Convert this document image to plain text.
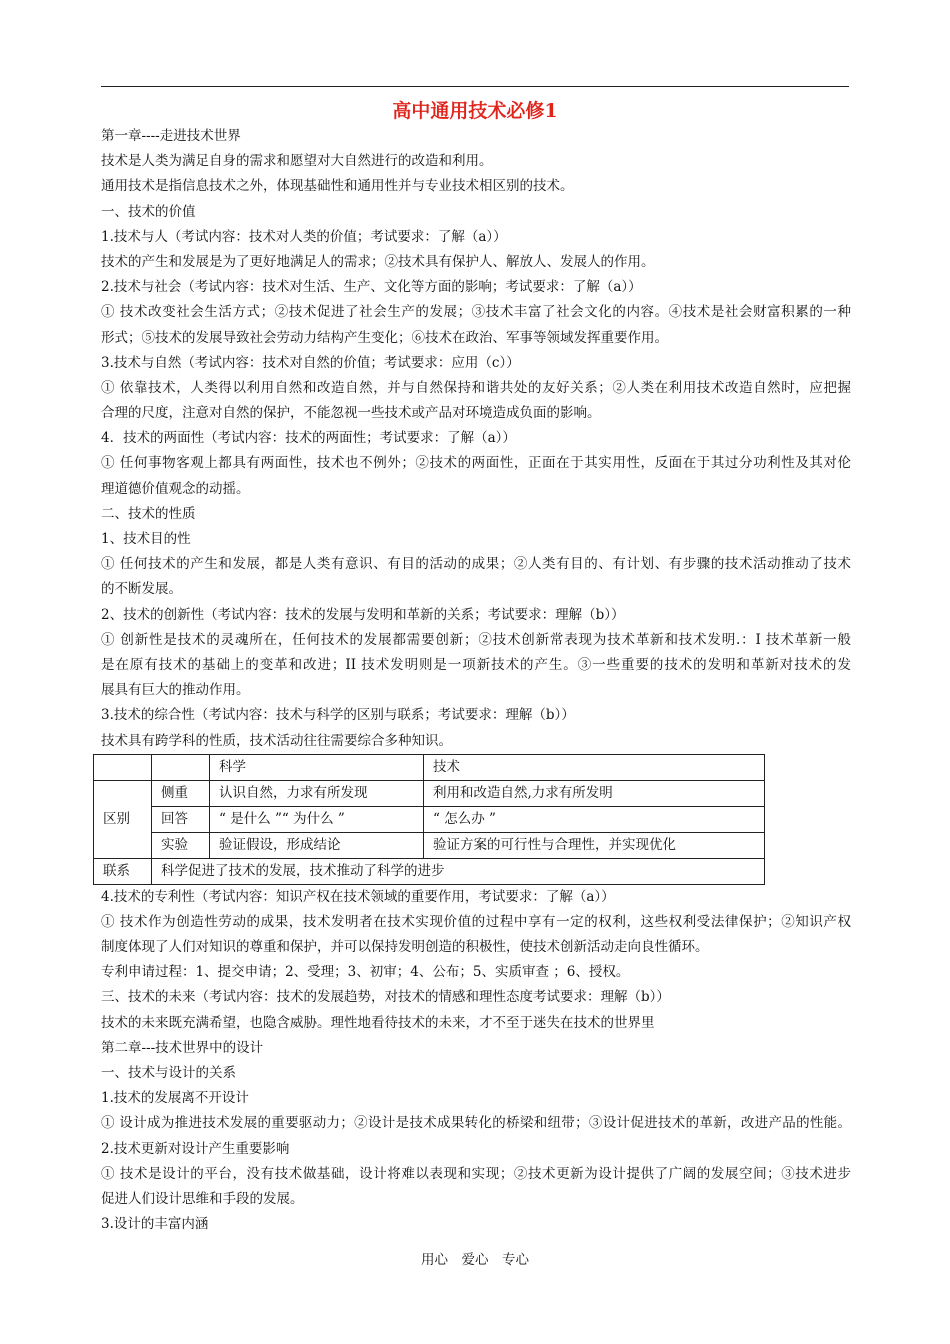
高中通用技术必修1
第一章----走进技术世界
技术是人类为满足自身的需求和愿望对大自然进行的改造和利用。
通用技术是指信息技术之外，体现基础性和通用性并与专业技术相区别的技术。
一、技术的价值
1.技术与人（考试内容：技术对人类的价值；考试要求：了解（a））
技术的产生和发展是为了更好地满足人的需求；②技术具有保护人、解放人、发展人的作用。
2.技术与社会（考试内容：技术对生活、生产、文化等方面的影响；考试要求：了解（a））
① 技术改变社会生活方式；②技术促进了社会生产的发展；③技术丰富了社会文化的内容。④技术是社会财富积累的一种
形式；⑤技术的发展导致社会劳动力结构产生变化；⑥技术在政治、军事等领域发挥重要作用。
3.技术与自然（考试内容：技术对自然的价值；考试要求：应用（c））
① 依靠技术，人类得以利用自然和改造自然，并与自然保持和谐共处的友好关系；②人类在利用技术改造自然时，应把握
合理的尺度，注意对自然的保护，不能忽视一些技术或产品对环境造成负面的影响。
4．技术的两面性（考试内容：技术的两面性；考试要求：了解（a））
① 任何事物客观上都具有两面性，技术也不例外；②技术的两面性，正面在于其实用性，反面在于其过分功利性及其对伦
理道德价值观念的动摇。
二、技术的性质
1、技术目的性
① 任何技术的产生和发展，都是人类有意识、有目的活动的成果；②人类有目的、有计划、有步骤的技术活动推动了技术
的不断发展。
2、技术的创新性（考试内容：技术的发展与发明和革新的关系；考试要求：理解（b））
① 创新性是技术的灵魂所在，任何技术的发展都需要创新；②技术创新常表现为技术革新和技术发明.：I 技术革新一般
是在原有技术的基础上的变革和改进；II 技术发明则是一项新技术的产生。③一些重要的技术的发明和革新对技术的发
展具有巨大的推动作用。
3.技术的综合性（考试内容：技术与科学的区别与联系；考试要求：理解（b））
技术具有跨学科的性质，技术活动往往需要综合多种知识。
		科学	技术
区别	侧重	认识自然，力求有所发现	利用和改造自然,力求有所发明
	回答	“ 是什么 ”“ 为什么 ”	“ 怎么办 ”
	实验	验证假设，形成结论	验证方案的可行性与合理性，并实现优化
联系	科学促进了技术的发展，技术推动了科学的进步		
4.技术的专利性（考试内容：知识产权在技术领域的重要作用，考试要求：了解（a））
① 技术作为创造性劳动的成果，技术发明者在技术实现价值的过程中享有一定的权利，这些权利受法律保护；②知识产权
制度体现了人们对知识的尊重和保护，并可以保持发明创造的积极性，使技术创新活动走向良性循环。
专利申请过程：1、提交申请；2、受理；3、初审；4、公布；5、实质审查 ；6、授权。
三、技术的未来（考试内容：技术的发展趋势，对技术的情感和理性态度考试要求：理解（b））
技术的未来既充满希望，也隐含威胁。理性地看待技术的未来，才不至于迷失在技术的世界里
第二章---技术世界中的设计
一、技术与设计的关系
1.技术的发展离不开设计
① 设计成为推进技术发展的重要驱动力；②设计是技术成果转化的桥梁和纽带；③设计促进技术的革新，改进产品的性能。
2.技术更新对设计产生重要影响
① 技术是设计的平台，没有技术做基础，设计将难以表现和实现；②技术更新为设计提供了广阔的发展空间；③技术进步
促进人们设计思维和手段的发展。
3.设计的丰富内涵
用心　爱心　专心
